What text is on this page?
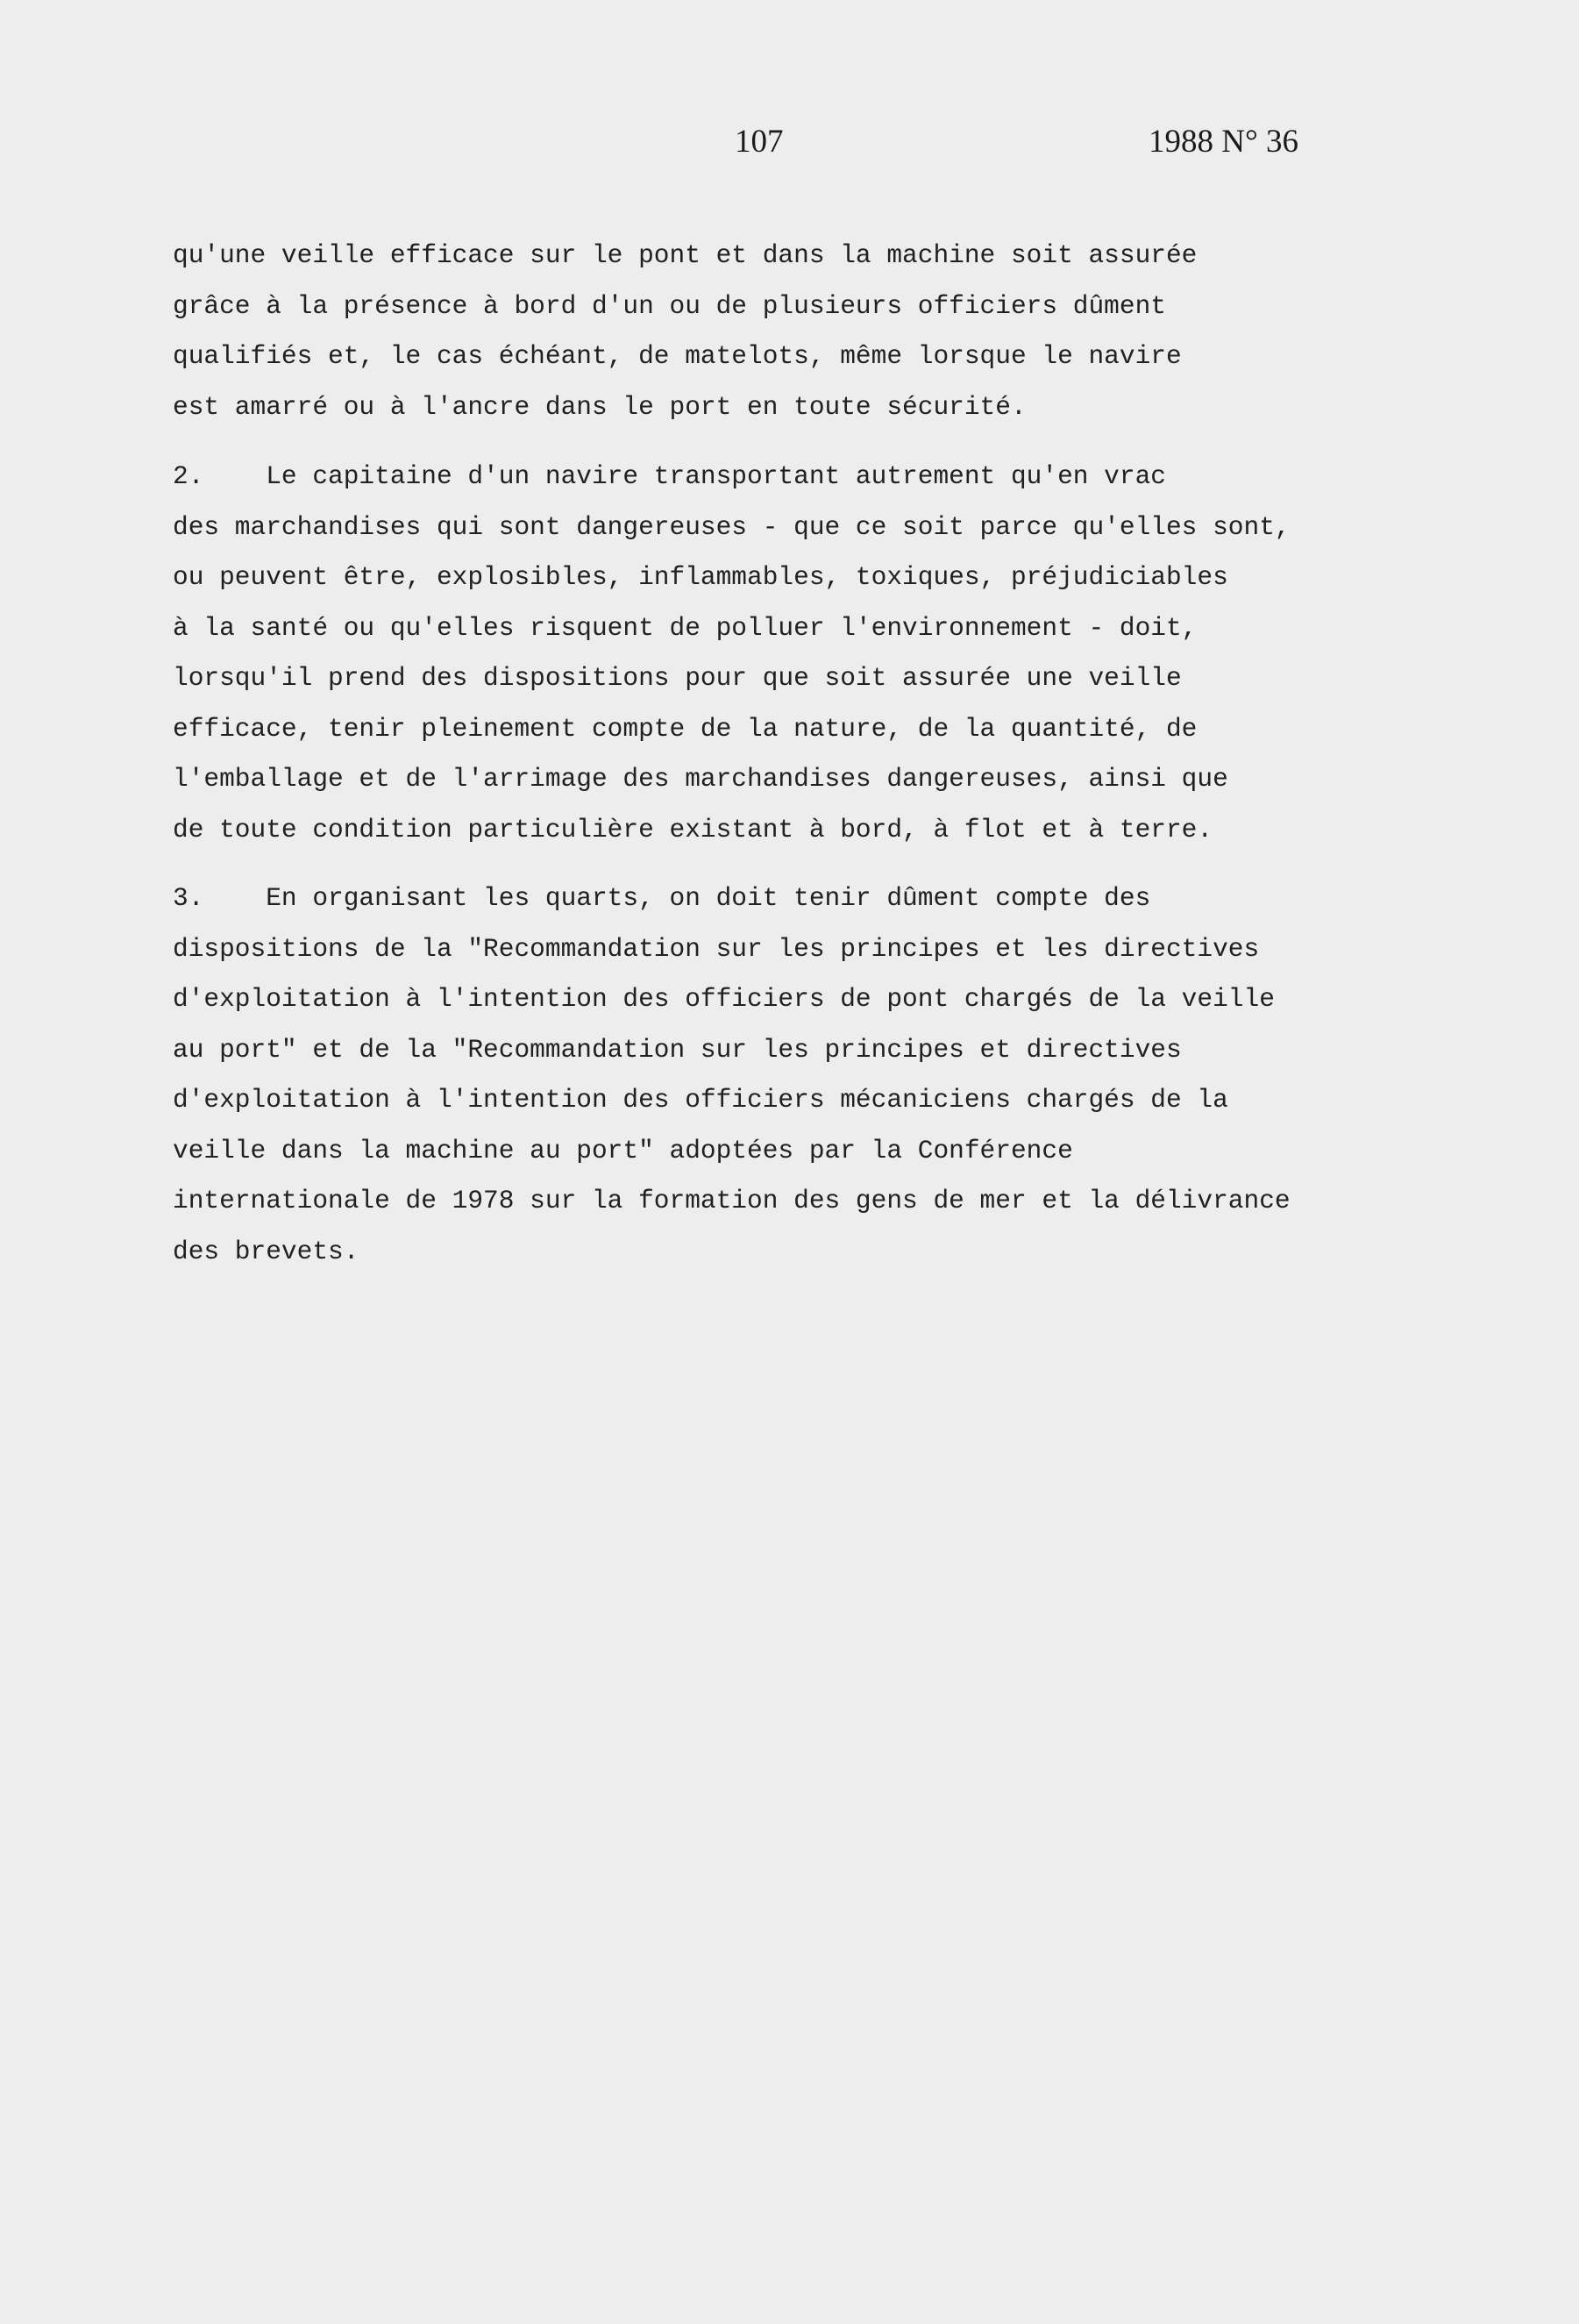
107	1988 N° 36
qu'une veille efficace sur le pont et dans la machine soit assurée
grâce à la présence à bord d'un ou de plusieurs officiers dûment
qualifiés et, le cas échéant, de matelots, même lorsque le navire
est amarré ou à l'ancre dans le port en toute sécurité.
2.    Le capitaine d'un navire transportant autrement qu'en vrac
des marchandises qui sont dangereuses - que ce soit parce qu'elles sont,
ou peuvent être, explosibles, inflammables, toxiques, préjudiciables
à la santé ou qu'elles risquent de polluer l'environnement - doit,
lorsqu'il prend des dispositions pour que soit assurée une veille
efficace, tenir pleinement compte de la nature, de la quantité, de
l'emballage et de l'arrimage des marchandises dangereuses, ainsi que
de toute condition particulière existant à bord, à flot et à terre.
3.    En organisant les quarts, on doit tenir dûment compte des
dispositions de la "Recommandation sur les principes et les directives
d'exploitation à l'intention des officiers de pont chargés de la veille
au port" et de la "Recommandation sur les principes et directives
d'exploitation à l'intention des officiers mécaniciens chargés de la
veille dans la machine au port" adoptées par la Conférence
internationale de 1978 sur la formation des gens de mer et la délivrance
des brevets.
